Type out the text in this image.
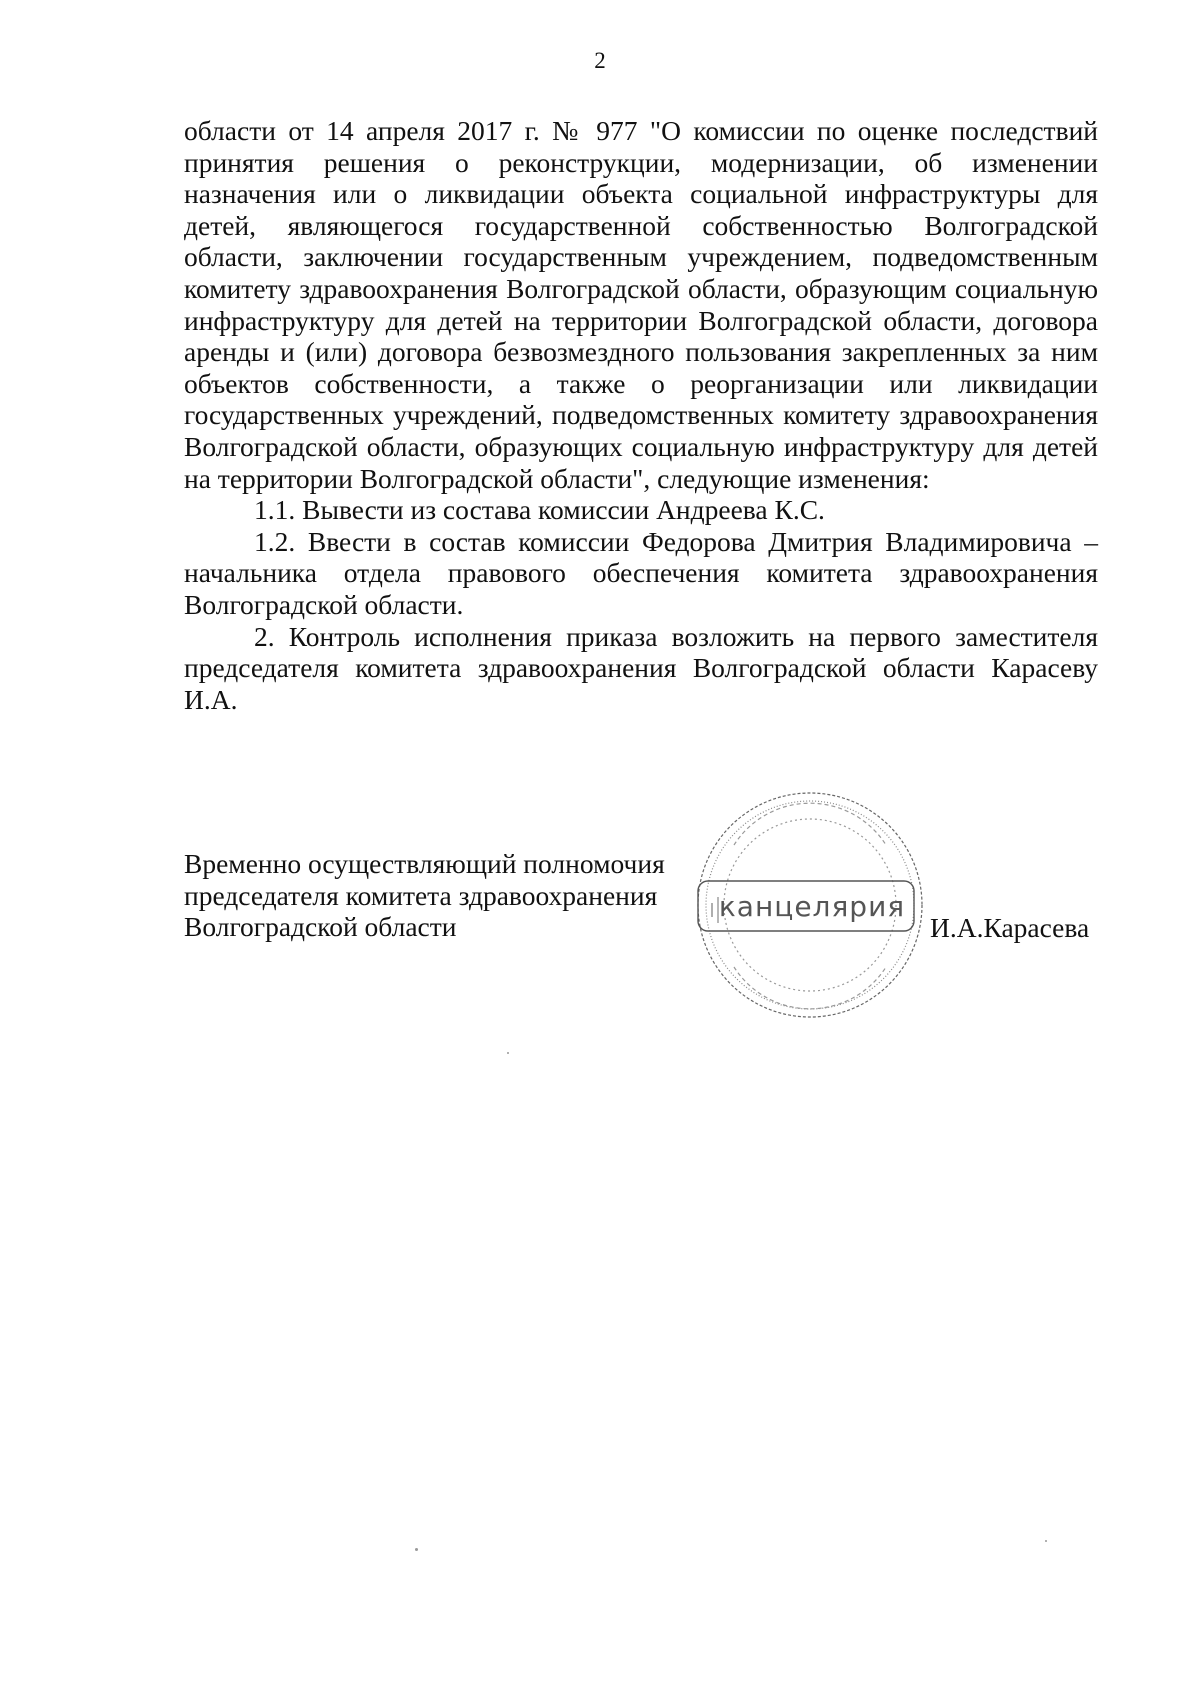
2

области от 14 апреля 2017 г. № 977 "О комиссии по оценке последствий принятия решения о реконструкции, модернизации, об изменении назначения или о ликвидации объекта социальной инфраструктуры для детей, являющегося государственной собственностью Волгоградской области, заключении государственным учреждением, подведомственным комитету здравоохранения Волгоградской области, образующим социальную инфраструктуру для детей на территории Волгоградской области, договора аренды и (или) договора безвозмездного пользования закрепленных за ним объектов собственности, а также о реорганизации или ликвидации государственных учреждений, подведомственных комитету здравоохранения Волгоградской области, образующих социальную инфраструктуру для детей на территории Волгоградской области", следующие изменения:

1.1. Вывести из состава комиссии Андреева К.С.

1.2. Ввести в состав комиссии Федорова Дмитрия Владимировича – начальника отдела правового обеспечения комитета здравоохранения Волгоградской области.

2. Контроль исполнения приказа возложить на первого заместителя председателя комитета здравоохранения Волгоградской области Карасеву И.А.

Временно осуществляющий полномочия
председателя комитета здравоохранения
Волгоградской области	И.А.Карасева
канцелярия
